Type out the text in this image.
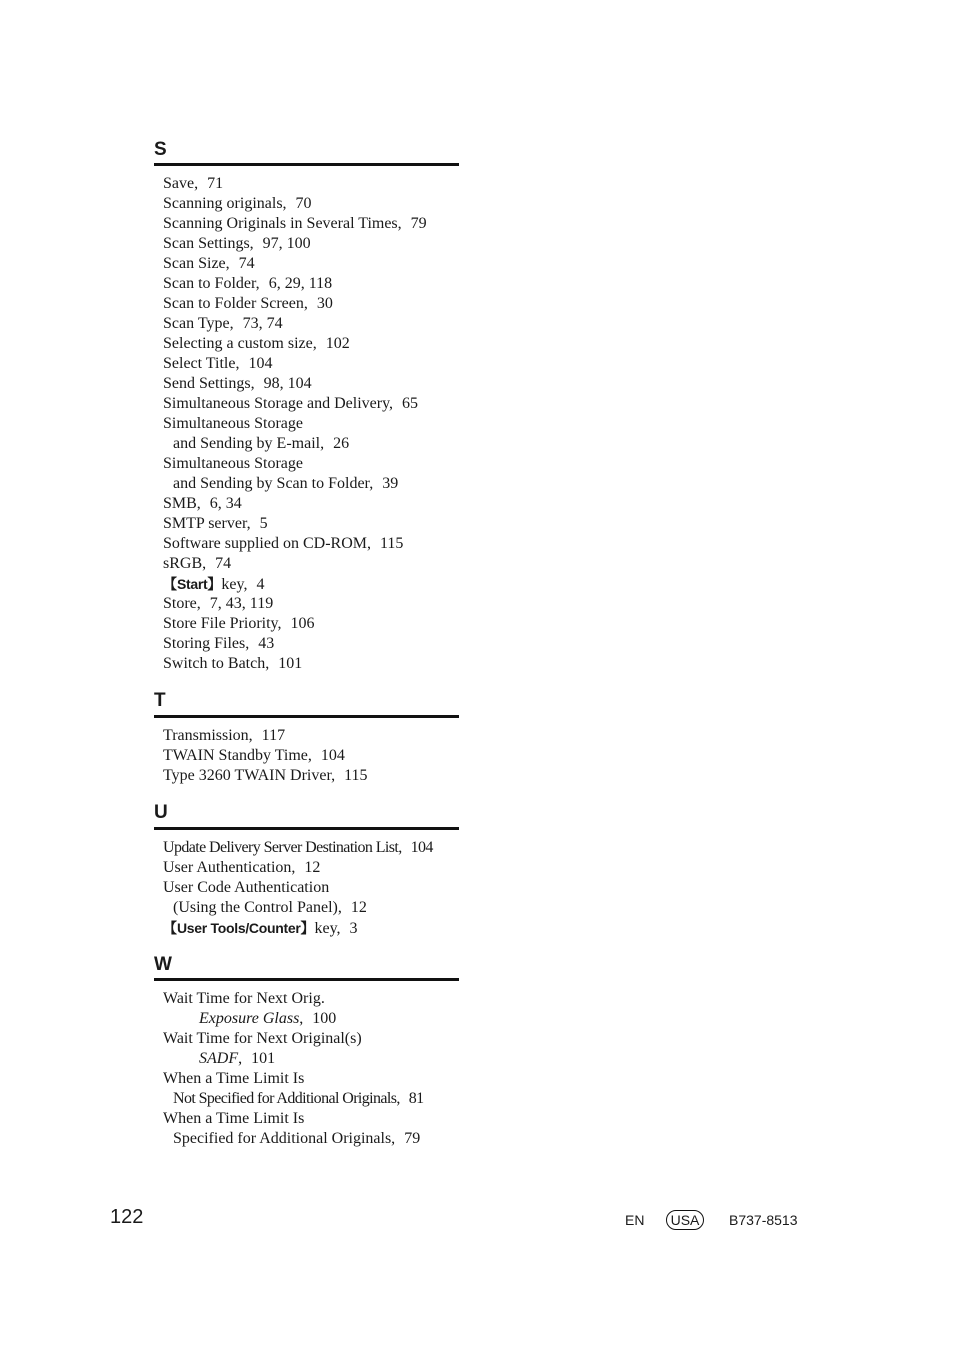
S
Save, 71
Scanning originals, 70
Scanning Originals in Several Times, 79
Scan Settings, 97, 100
Scan Size, 74
Scan to Folder, 6, 29, 118
Scan to Folder Screen, 30
Scan Type, 73, 74
Selecting a custom size, 102
Select Title, 104
Send Settings, 98, 104
Simultaneous Storage and Delivery, 65
Simultaneous Storage
and Sending by E-mail, 26
Simultaneous Storage
and Sending by Scan to Folder, 39
SMB, 6, 34
SMTP server, 5
Software supplied on CD-ROM, 115
sRGB, 74
【Start】key, 4
Store, 7, 43, 119
Store File Priority, 106
Storing Files, 43
Switch to Batch, 101
T
Transmission, 117
TWAIN Standby Time, 104
Type 3260 TWAIN Driver, 115
U
Update Delivery Server Destination List, 104
User Authentication, 12
User Code Authentication
(Using the Control Panel), 12
【User Tools/Counter】key, 3
W
Wait Time for Next Orig.
Exposure Glass, 100
Wait Time for Next Original(s)
SADF, 101
When a Time Limit Is
Not Specified for Additional Originals, 81
When a Time Limit Is
Specified for Additional Originals, 79
122	EN	USA	B737-8513
